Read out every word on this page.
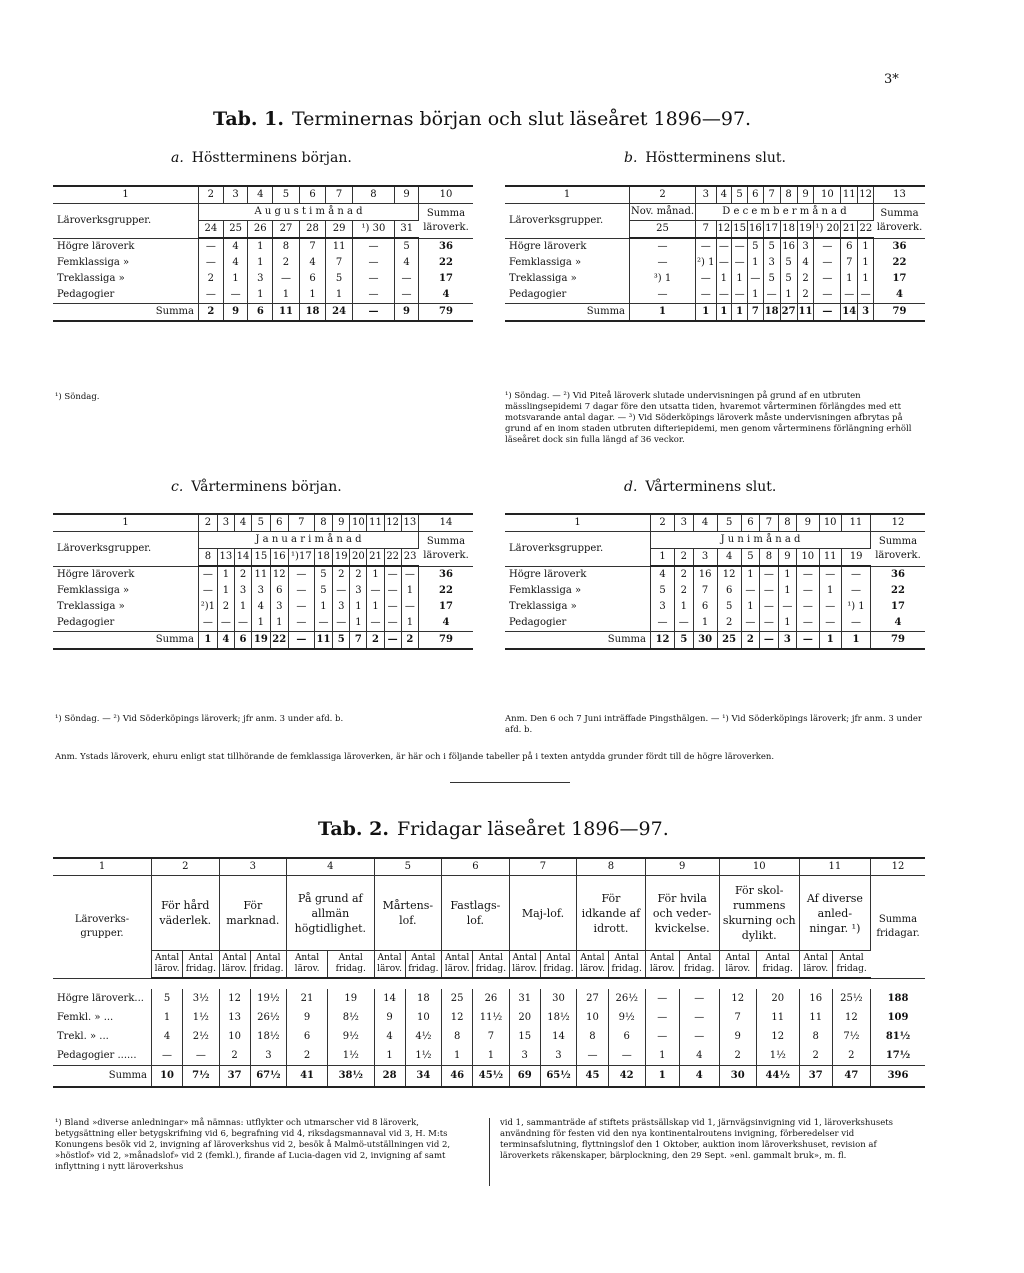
3*
Tab. 1. Terminernas början och slut läseåret 1896—97.
a. Höstterminens början.
1	2	3	4	5	6	7	8	9	10
Läroverksgrupper.	A u g u s t i m å n a d								Summa läroverk.
	24	25	26	27	28	29	¹) 30	31	
Högre läroverk	—	4	1	8	7	11	—	5	36
Femklassiga »	—	4	1	2	4	7	—	4	22
Treklassiga »	2	1	3	—	6	5	—	—	17
Pedagogier	—	—	1	1	1	1	—	—	4
Summa	2	9	6	11	18	24	—	9	79
¹) Söndag.
b. Höstterminens slut.
1	2	3	4	5	6	7	8	9	10	11	12	13
Läroverksgrupper.	Nov. månad.	D e c e m b e r m å n a d										Summa läroverk.
	25	7	12	15	16	17	18	19	¹) 20	21	22	
Högre läroverk	—	—	—	—	5	5	16	3	—	6	1	36
Femklassiga »	—	²) 1	—	—	1	3	5	4	—	7	1	22
Treklassiga »	³) 1	—	1	1	—	5	5	2	—	1	1	17
Pedagogier	—	—	—	—	1	—	1	2	—	—	—	4
Summa	1	1	1	1	7	18	27	11	—	14	3	79
¹) Söndag. — ²) Vid Piteå läroverk slutade undervisningen på grund af en utbruten mässlingsepidemi 7 dagar före den utsatta tiden, hvaremot vårterminen förlängdes med ett motsvarande antal dagar. — ³) Vid Söderköpings läroverk måste undervisningen afbrytas på grund af en inom staden utbruten difteriepidemi, men genom vårterminens förlängning erhöll läseåret dock sin fulla längd af 36 veckor.
c. Vårterminens början.
1	2	3	4	5	6	7	8	9	10	11	12	13	14
Läroverksgrupper.	J a n u a r i m å n a d												Summa läroverk.
	8	13	14	15	16	¹)17	18	19	20	21	22	23	
Högre läroverk	—	1	2	11	12	—	5	2	2	1	—	—	36
Femklassiga »	—	1	3	3	6	—	5	—	3	—	—	1	22
Treklassiga »	²)1	2	1	4	3	—	1	3	1	1	—	—	17
Pedagogier	—	—	—	1	1	—	—	—	1	—	—	1	4
Summa	1	4	6	19	22	—	11	5	7	2	—	2	79
¹) Söndag. — ²) Vid Söderköpings läroverk; jfr anm. 3 under afd. b.
d. Vårterminens slut.
1	2	3	4	5	6	7	8	9	10	11	12
Läroverksgrupper.	J u n i m å n a d										Summa läroverk.
	1	2	3	4	5	8	9	10	11	19	
Högre läroverk	4	2	16	12	1	—	1	—	—	—	36
Femklassiga »	5	2	7	6	—	—	1	—	1	—	22
Treklassiga »	3	1	6	5	1	—	—	—	—	¹) 1	17
Pedagogier	—	—	1	2	—	—	1	—	—	—	4
Summa	12	5	30	25	2	—	3	—	1	1	79
Anm. Den 6 och 7 Juni inträffade Pingsthälgen. — ¹) Vid Söderköpings läroverk; jfr anm. 3 under afd. b.
Anm. Ystads läroverk, ehuru enligt stat tillhörande de femklassiga läroverken, är här och i följande tabeller på i texten antydda grunder fördt till de högre läroverken.
Tab. 2. Fridagar läseåret 1896—97.
1	2		3		4		5		6		7		8		9		10		11		12
Läroverks-grupper.	För hård väderlek.		För marknad.		På grund af allmän högtidlighet.		Mårtens-lof.		Fastlags-lof.		Maj-lof.		För idkande af idrott.		För hvila och veder-kvickelse.		För skol-rummens skurning och dylikt.		Af diverse anled-ningar. ¹)		Summa fridagar.
	Antal lärov.	Antal fridag.	Antal lärov.	Antal fridag.	Antal lärov.	Antal fridag.	Antal lärov.	Antal fridag.	Antal lärov.	Antal fridag.	Antal lärov.	Antal fridag.	Antal lärov.	Antal fridag.	Antal lärov.	Antal fridag.	Antal lärov.	Antal fridag.	Antal lärov.	Antal fridag.	

Högre läroverk...	5	3½	12	19½	21	19	14	18	25	26	31	30	27	26½	—	—	12	20	16	25½	188
Femkl. » ...	1	1½	13	26½	9	8½	9	10	12	11½	20	18½	10	9½	—	—	7	11	11	12	109
Trekl. » ...	4	2½	10	18½	6	9½	4	4½	8	7	15	14	8	6	—	—	9	12	8	7½	81½
Pedagogier ......	—	—	2	3	2	1½	1	1½	1	1	3	3	—	—	1	4	2	1½	2	2	17½
Summa	10	7½	37	67½	41	38½	28	34	46	45½	69	65½	45	42	1	4	30	44½	37	47	396
¹) Bland »diverse anledningar» må nämnas: utflykter och utmarscher vid 8 läroverk, betygsättning eller betygskrifning vid 6, begrafning vid 4, riksdagsmannaval vid 3, H. M:ts Konungens besök vid 2, invigning af läroverkshus vid 2, besök å Malmö-utställningen vid 2, »höstlof» vid 2, »månadslof» vid 2 (femkl.), firande af Lucia-dagen vid 2, invigning af samt inflyttning i nytt läroverkshus
vid 1, sammanträde af stiftets prästsällskap vid 1, järnvägsinvigning vid 1, läroverkshusets användning för festen vid den nya kontinentalroutens invigning, förberedelser vid terminsafslutning, flyttningslof den 1 Oktober, auktion inom läroverkshuset, revision af läroverkets räkenskaper, bärplockning, den 29 Sept. »enl. gammalt bruk», m. fl.
